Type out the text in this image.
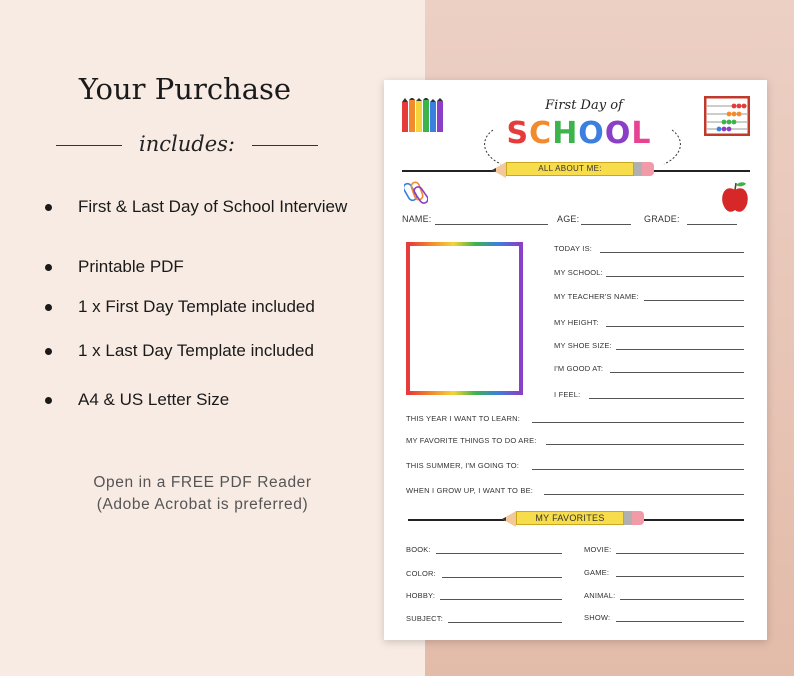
Your Purchase
includes:
First & Last Day of School Interview
Printable PDF
1 x First Day Template included
1 x Last Day Template included
A4 & US Letter Size
Open in a FREE PDF Reader
(Adobe Acrobat is preferred)
First Day of
SCHOOL
ALL ABOUT ME:
NAME:	AGE:	GRADE:
TODAY IS:
MY SCHOOL:
MY TEACHER'S NAME:
MY HEIGHT:
MY SHOE SIZE:
I'M GOOD AT:
I FEEL:
THIS YEAR I WANT TO LEARN:
MY FAVORITE THINGS TO DO ARE:
THIS SUMMER, I'M GOING TO:
WHEN I GROW UP, I WANT TO BE:
MY FAVORITES
BOOK:	MOVIE:
COLOR:	GAME:
HOBBY:	ANIMAL:
SUBJECT:	SHOW:
